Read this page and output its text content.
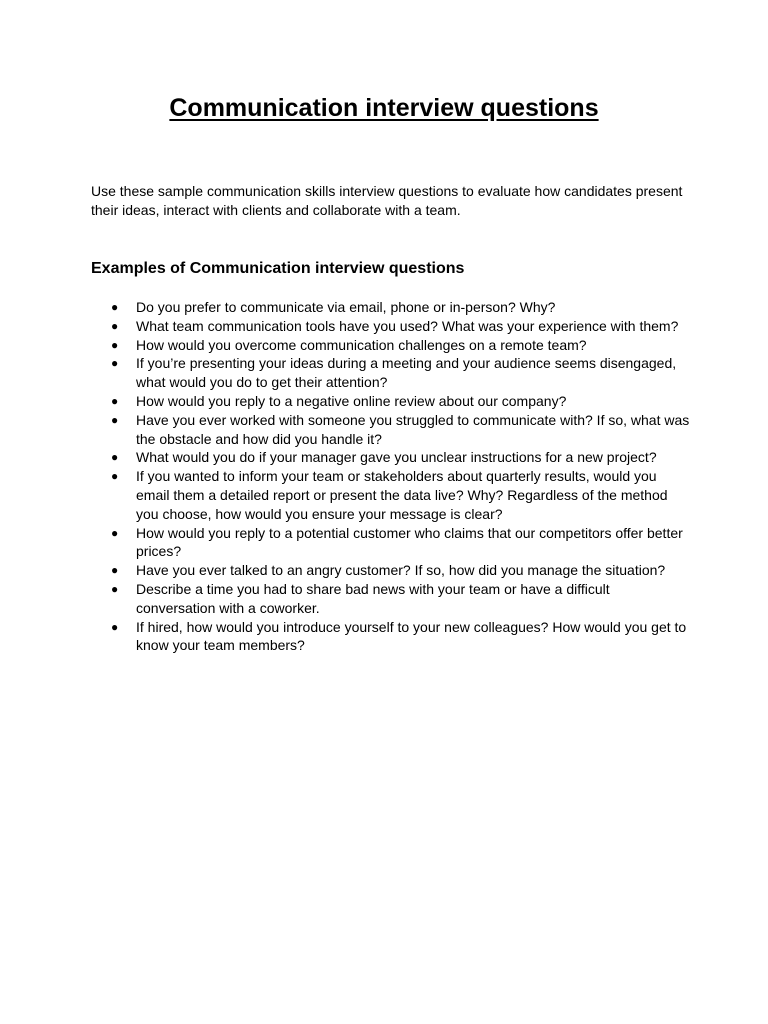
Communication interview questions

Use these sample communication skills interview questions to evaluate how candidates present their ideas, interact with clients and collaborate with a team.

Examples of Communication interview questions
● Do you prefer to communicate via email, phone or in-person? Why?
● What team communication tools have you used? What was your experience with them?
● How would you overcome communication challenges on a remote team?
● If you’re presenting your ideas during a meeting and your audience seems disengaged, what would you do to get their attention?
● How would you reply to a negative online review about our company?
● Have you ever worked with someone you struggled to communicate with? If so, what was the obstacle and how did you handle it?
● What would you do if your manager gave you unclear instructions for a new project?
● If you wanted to inform your team or stakeholders about quarterly results, would you email them a detailed report or present the data live? Why? Regardless of the method you choose, how would you ensure your message is clear?
● How would you reply to a potential customer who claims that our competitors offer better prices?
● Have you ever talked to an angry customer? If so, how did you manage the situation?
● Describe a time you had to share bad news with your team or have a difficult conversation with a coworker.
● If hired, how would you introduce yourself to your new colleagues? How would you get to know your team members?
